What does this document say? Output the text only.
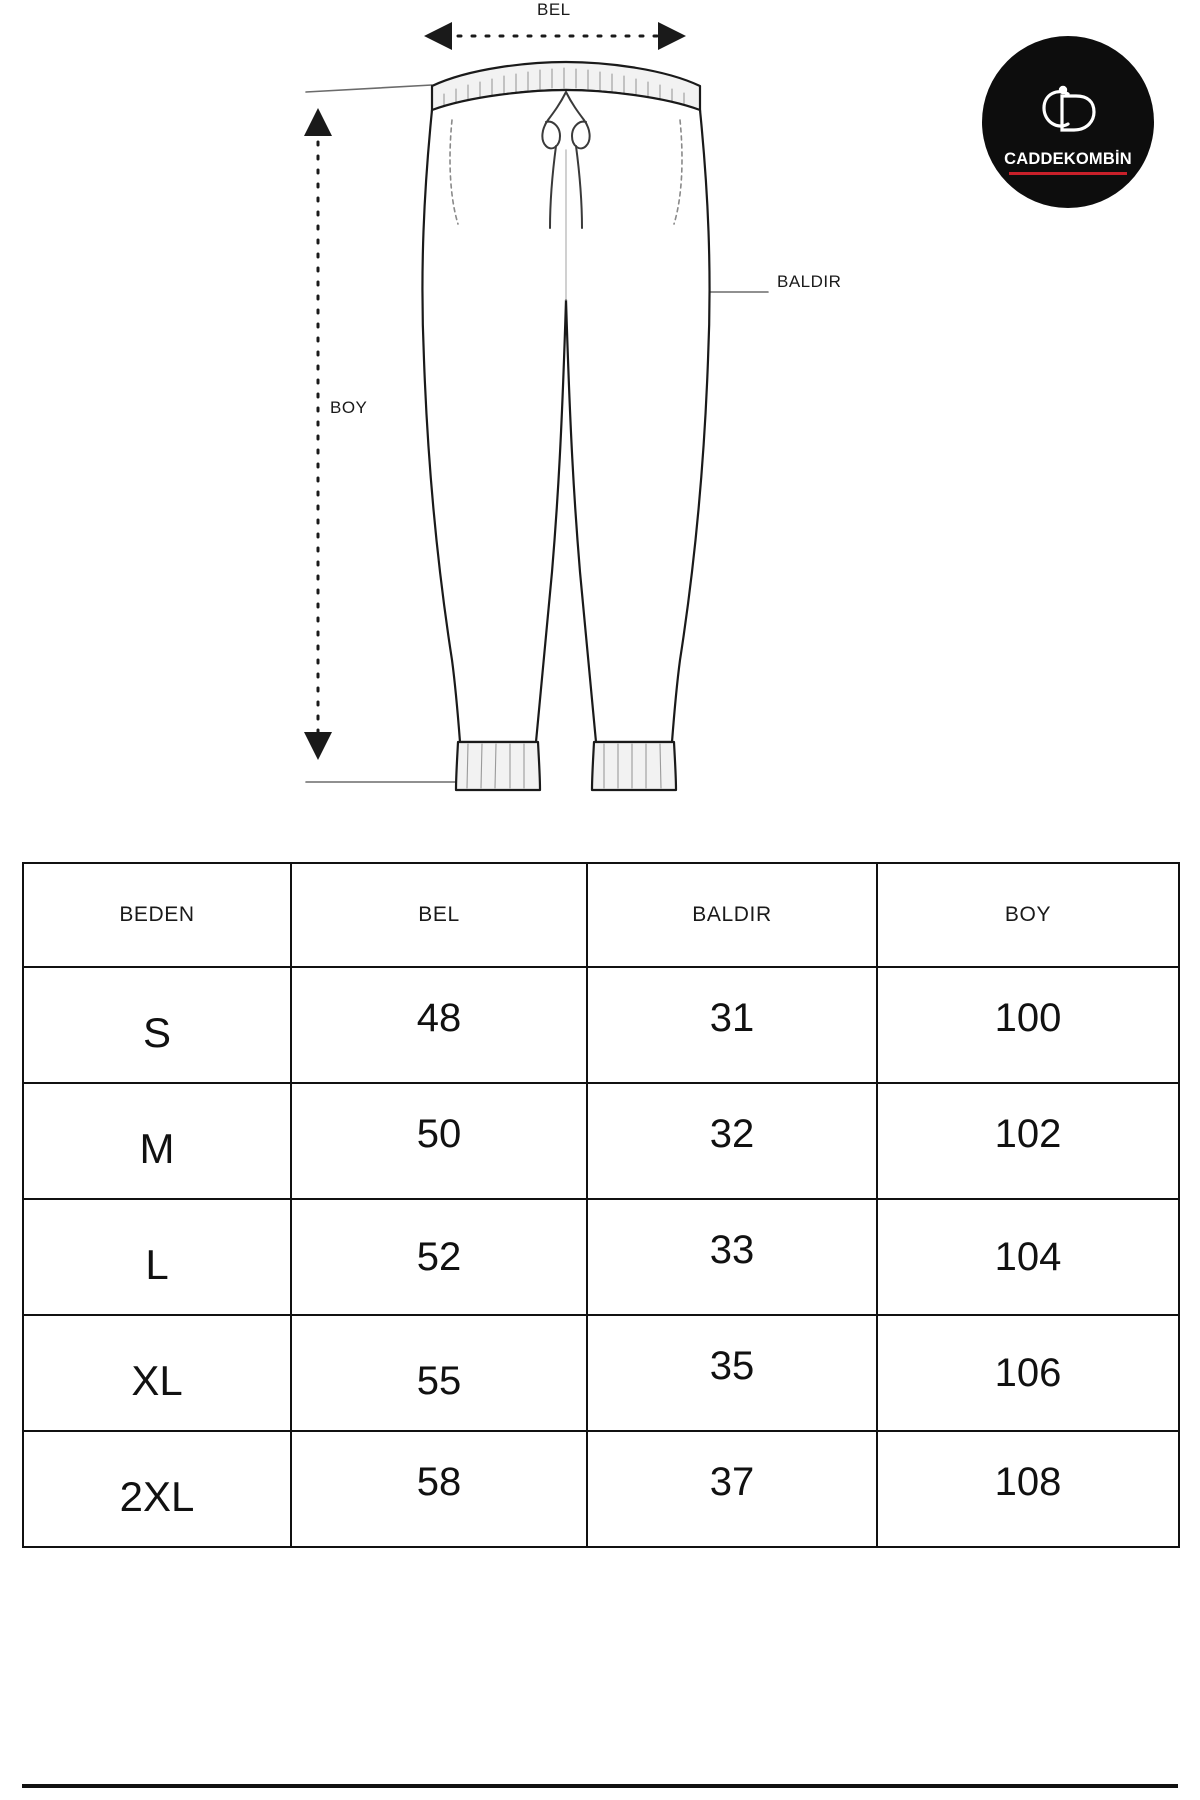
BEL
BOY
BALDIR
CADDEKOMBİN
BEDEN	BEL	BALDIR	BOY
S	48	31	100
M	50	32	102
L	52	33	104
XL	55	35	106
2XL	58	37	108
